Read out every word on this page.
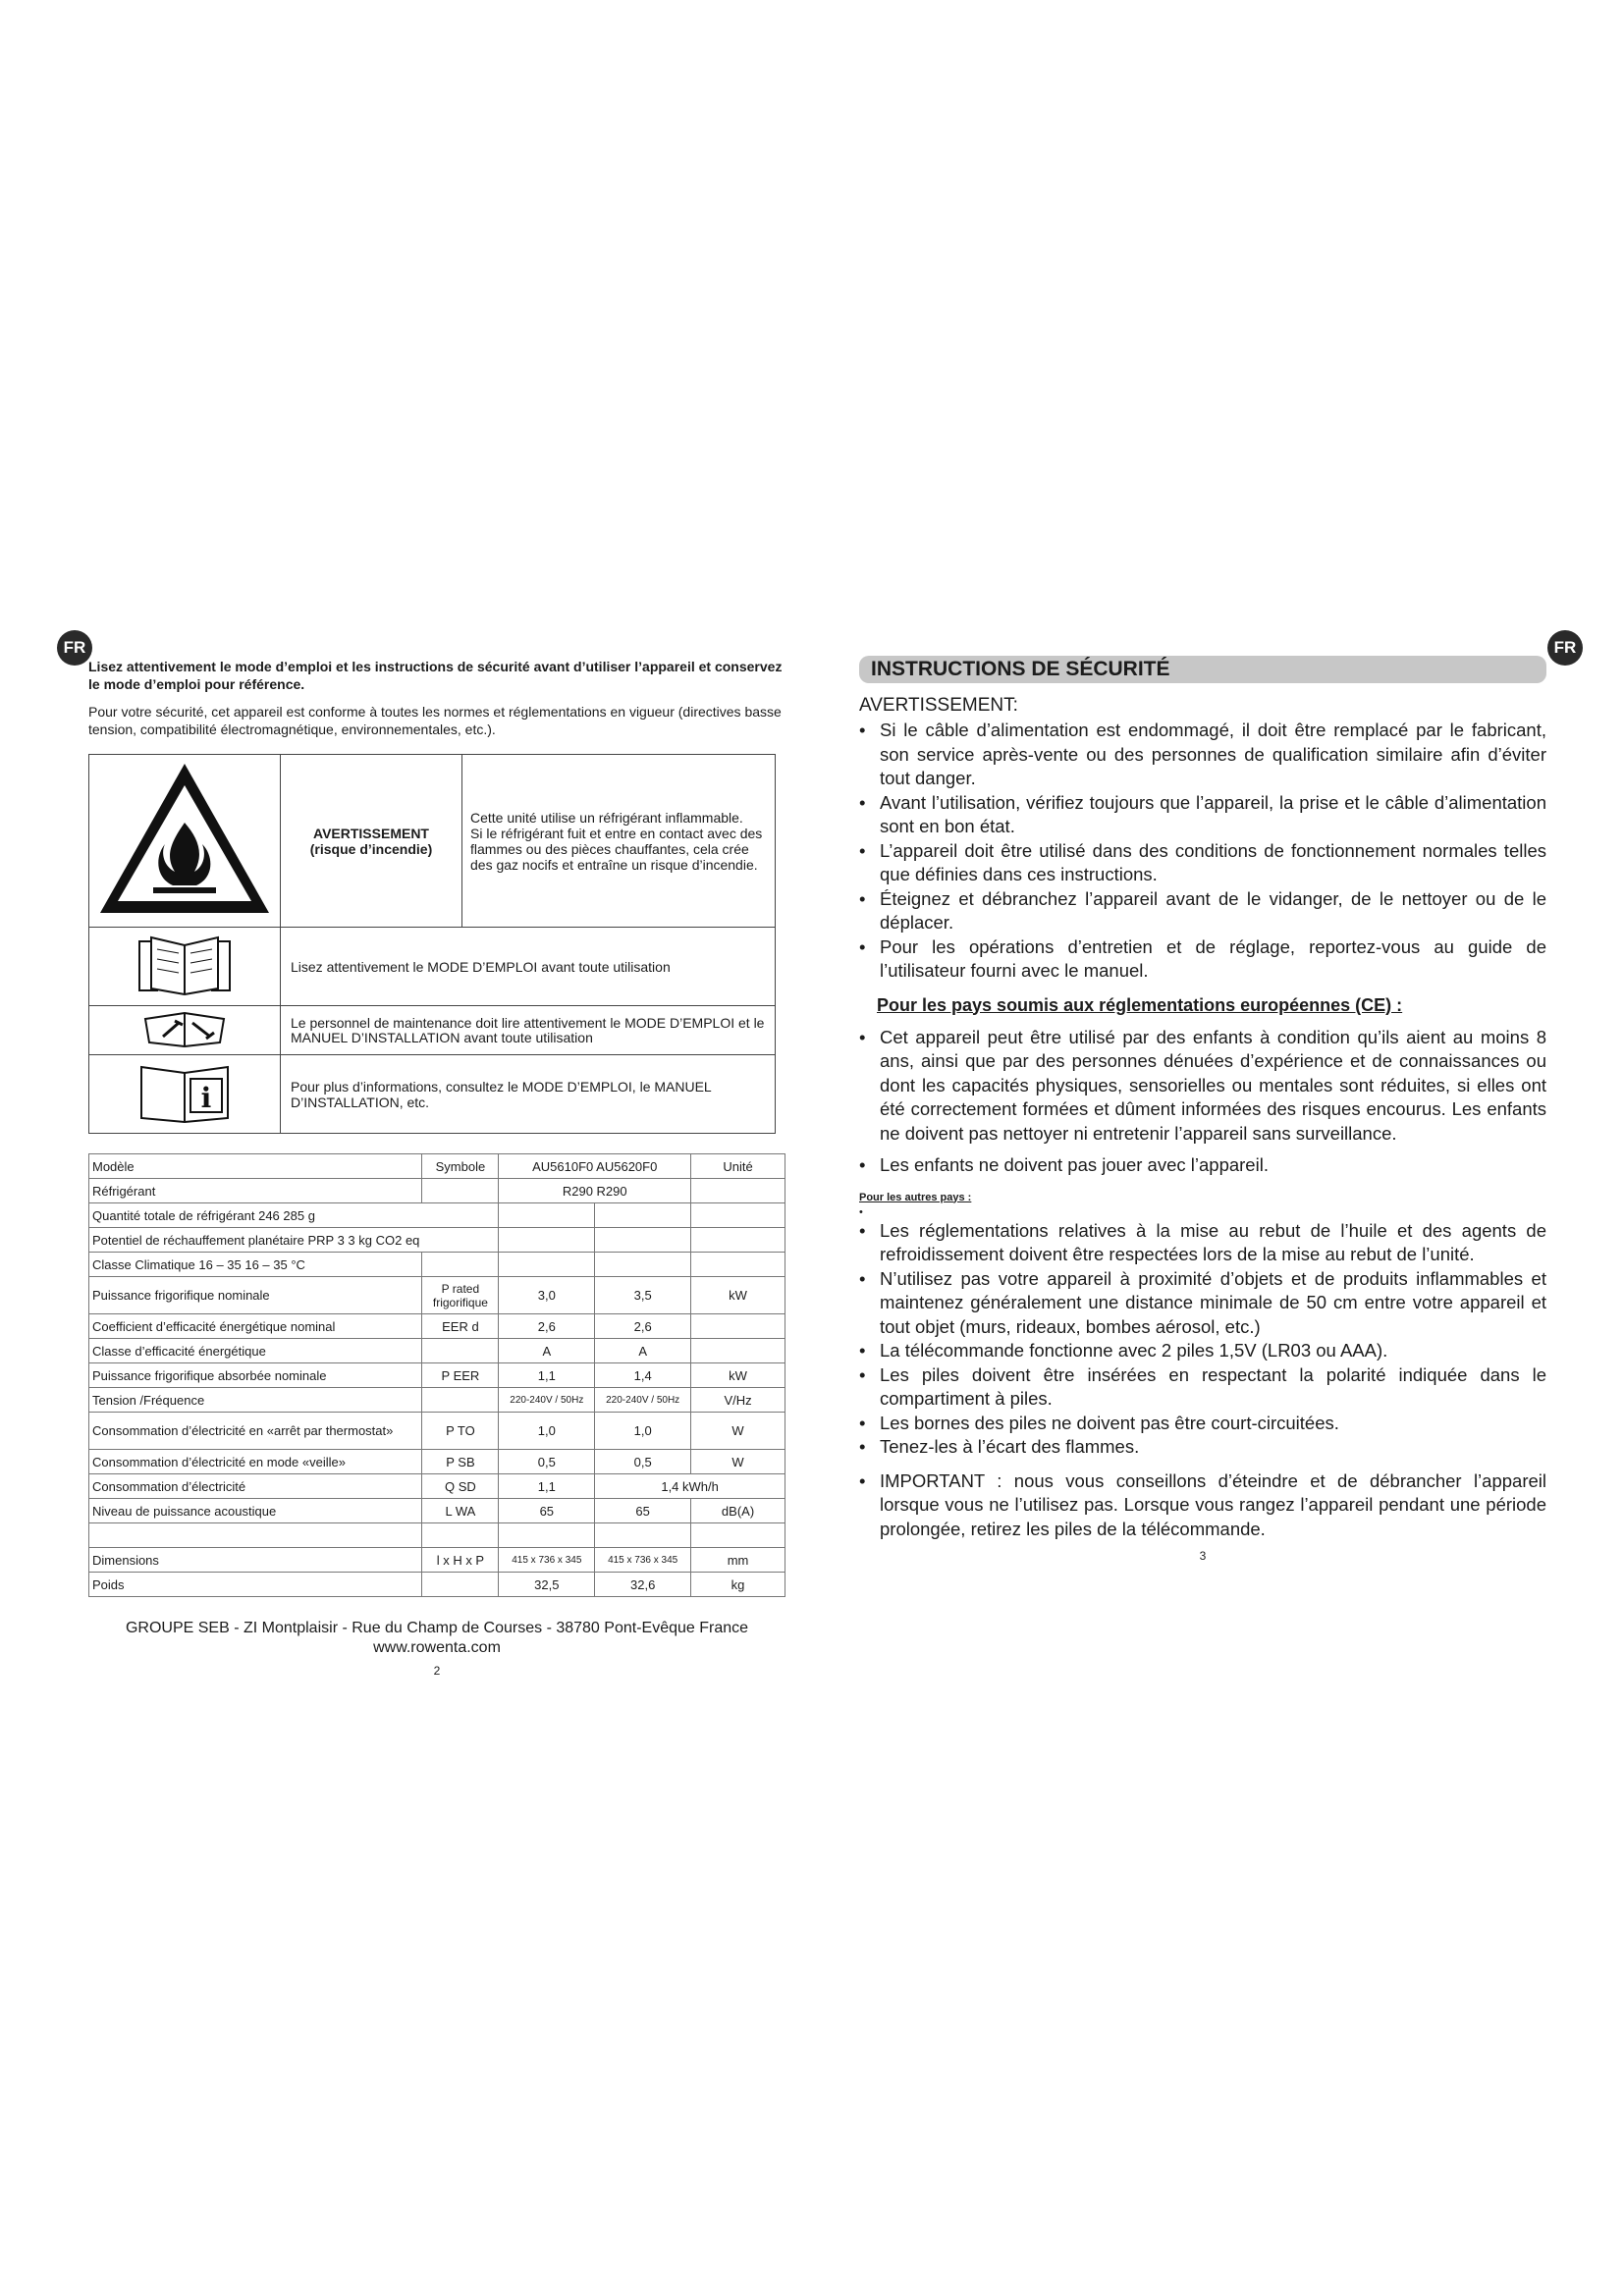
FR	FR

Lisez attentivement le mode d’emploi et les instructions de sécurité avant d’utiliser l’appareil et conservez le mode d’emploi pour référence.

Pour votre sécurité, cet appareil est conforme à toutes les normes et réglementations en vigueur (directives basse tension, compatibilité électromagnétique, environnementales, etc.).

	AVERTISSEMENT
(risque d’incendie)	Cette unité utilise un réfrigérant inflammable.
Si le réfrigérant fuit et entre en contact avec des flammes ou des pièces chauffantes, cela crée des gaz nocifs et entraîne un risque d’incendie.
	Lisez attentivement le MODE D’EMPLOI avant toute utilisation	
	Le personnel de maintenance doit lire attentivement le MODE D’EMPLOI et le MANUEL D’INSTALLATION avant toute utilisation	

i	Pour plus d’informations, consultez le MODE D’EMPLOI, le MANUEL D’INSTALLATION, etc.	
Modèle	Symbole	AU5610F0 AU5620F0		Unité
Réfrigérant		R290 R290		
Quantité totale de réfrigérant 246 285 g				
Potentiel de réchauffement planétaire PRP 3 3 kg CO2 eq				
Classe Climatique 16 – 35 16 – 35 °C				
Puissance frigorifique nominale	P rated frigorifique	3,0	3,5	kW
Coefficient d’efficacité énergétique nominal	EER d	2,6	2,6	
Classe d’efficacité énergétique		A	A	
Puissance frigorifique absorbée nominale	P EER	1,1	1,4	kW
Tension /Fréquence		220-240V / 50Hz	220-240V / 50Hz	V/Hz
Consommation d’électricité en «arrêt par thermostat»	P TO	1,0	1,0	W
Consommation d’électricité en mode «veille»	P SB	0,5	0,5	W
Consommation d’électricité	Q SD	1,1	1,4 kWh/h	
Niveau de puissance acoustique	L WA	65	65	dB(A)

Dimensions	l x H x P	415 x 736 x 345	415 x 736 x 345	mm
Poids		32,5	32,6	kg
GROUPE SEB - ZI Montplaisir - Rue du Champ de Courses - 38780 Pont-Evêque France
www.rowenta.com
2
INSTRUCTIONS DE SÉCURITÉ
AVERTISSEMENT:
• Si le câble d’alimentation est endommagé, il doit être remplacé par le fabricant, son service après-vente ou des personnes de qualification similaire afin d’éviter tout danger.
• Avant l’utilisation, vérifiez toujours que l’appareil, la prise et le câble d’alimentation sont en bon état.
• L’appareil doit être utilisé dans des conditions de fonctionnement normales telles que définies dans ces instructions.
• Éteignez et débranchez l’appareil avant de le vidanger, de le nettoyer ou de le déplacer.
• Pour les opérations d’entretien et de réglage, reportez-vous au guide de l’utilisateur fourni avec le manuel.
Pour les pays soumis aux réglementations européennes (CE) :
• Cet appareil peut être utilisé par des enfants à condition qu’ils aient au moins 8 ans, ainsi que par des personnes dénuées d’expérience et de connaissances ou dont les capacités physiques, sensorielles ou mentales sont réduites, si elles ont été correctement formées et dûment informées des risques encourus. Les enfants ne doivent pas nettoyer ni entretenir l’appareil sans surveillance.
• Les enfants ne doivent pas jouer avec l’appareil.
Pour les autres pays :
• Les réglementations relatives à la mise au rebut de l’huile et des agents de refroidissement doivent être respectées lors de la mise au rebut de l’unité.
• N’utilisez pas votre appareil à proximité d’objets et de produits inflammables et maintenez généralement une distance minimale de 50 cm entre votre appareil et tout objet (murs, rideaux, bombes aérosol, etc.)
• La télécommande fonctionne avec 2 piles 1,5V (LR03 ou AAA).
• Les piles doivent être insérées en respectant la polarité indiquée dans le compartiment à piles.
• Les bornes des piles ne doivent pas être court-circuitées.
• Tenez-les à l’écart des flammes.
• IMPORTANT : nous vous conseillons d’éteindre et de débrancher l’appareil lorsque vous ne l’utilisez pas. Lorsque vous rangez l’appareil pendant une période prolongée, retirez les piles de la télécommande.
3
